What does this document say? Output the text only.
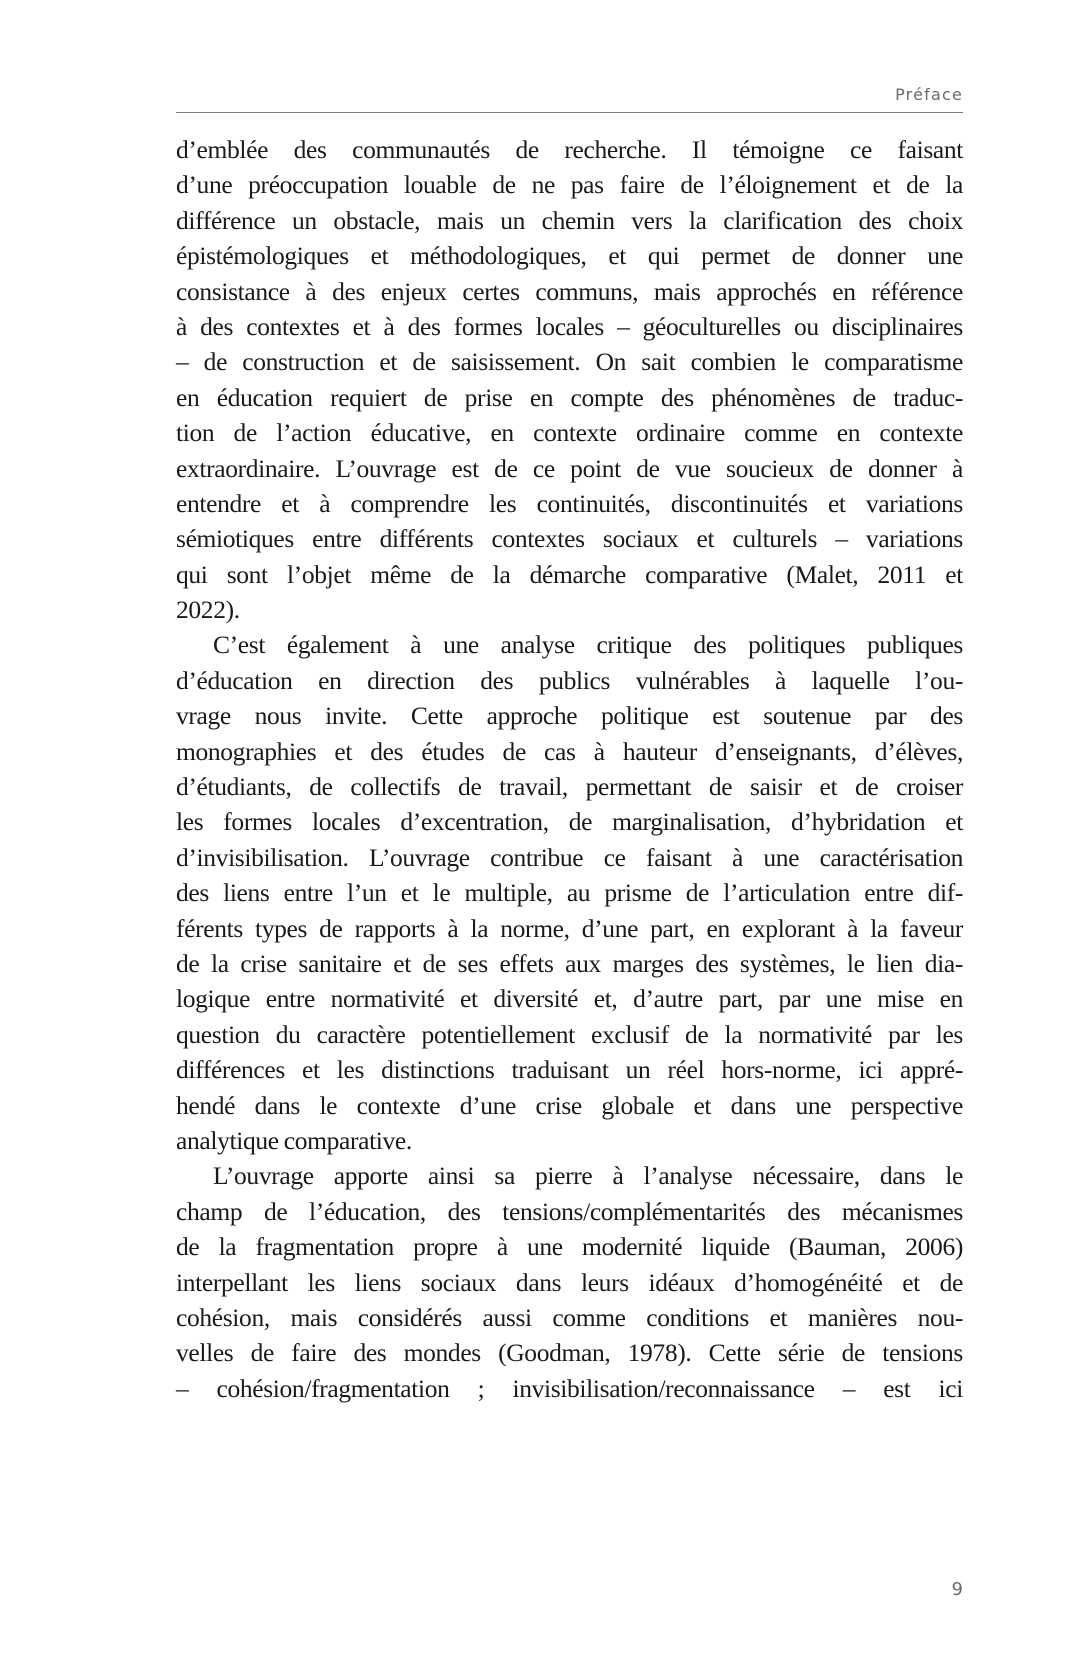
Préface
d’emblée des communautés de recherche. Il témoigne ce faisant
d’une préoccupation louable de ne pas faire de l’éloignement et de la
différence un obstacle, mais un chemin vers la clarification des choix
épistémologiques et méthodologiques, et qui permet de donner une
consistance à des enjeux certes communs, mais approchés en référence
à des contextes et à des formes locales – géoculturelles ou disciplinaires
– de construction et de saisissement. On sait combien le comparatisme
en éducation requiert de prise en compte des phénomènes de traduc-
tion de l’action éducative, en contexte ordinaire comme en contexte
extraordinaire. L’ouvrage est de ce point de vue soucieux de donner à
entendre et à comprendre les continuités, discontinuités et variations
sémiotiques entre différents contextes sociaux et culturels – variations
qui sont l’objet même de la démarche comparative (Malet, 2011 et
2022).
C’est également à une analyse critique des politiques publiques
d’éducation en direction des publics vulnérables à laquelle l’ou-
vrage nous invite. Cette approche politique est soutenue par des
monographies et des études de cas à hauteur d’enseignants, d’élèves,
d’étudiants, de collectifs de travail, permettant de saisir et de croiser
les formes locales d’excentration, de marginalisation, d’hybridation et
d’invisibilisation. L’ouvrage contribue ce faisant à une caractérisation
des liens entre l’un et le multiple, au prisme de l’articulation entre dif-
férents types de rapports à la norme, d’une part, en explorant à la faveur
de la crise sanitaire et de ses effets aux marges des systèmes, le lien dia-
logique entre normativité et diversité et, d’autre part, par une mise en
question du caractère potentiellement exclusif de la normativité par les
différences et les distinctions traduisant un réel hors-norme, ici appré-
hendé dans le contexte d’une crise globale et dans une perspective
analytique comparative.
L’ouvrage apporte ainsi sa pierre à l’analyse nécessaire, dans le
champ de l’éducation, des tensions/complémentarités des mécanismes
de la fragmentation propre à une modernité liquide (Bauman, 2006)
interpellant les liens sociaux dans leurs idéaux d’homogénéité et de
cohésion, mais considérés aussi comme conditions et manières nou-
velles de faire des mondes (Goodman, 1978). Cette série de tensions
– cohésion/fragmentation ; invisibilisation/reconnaissance – est ici
9
